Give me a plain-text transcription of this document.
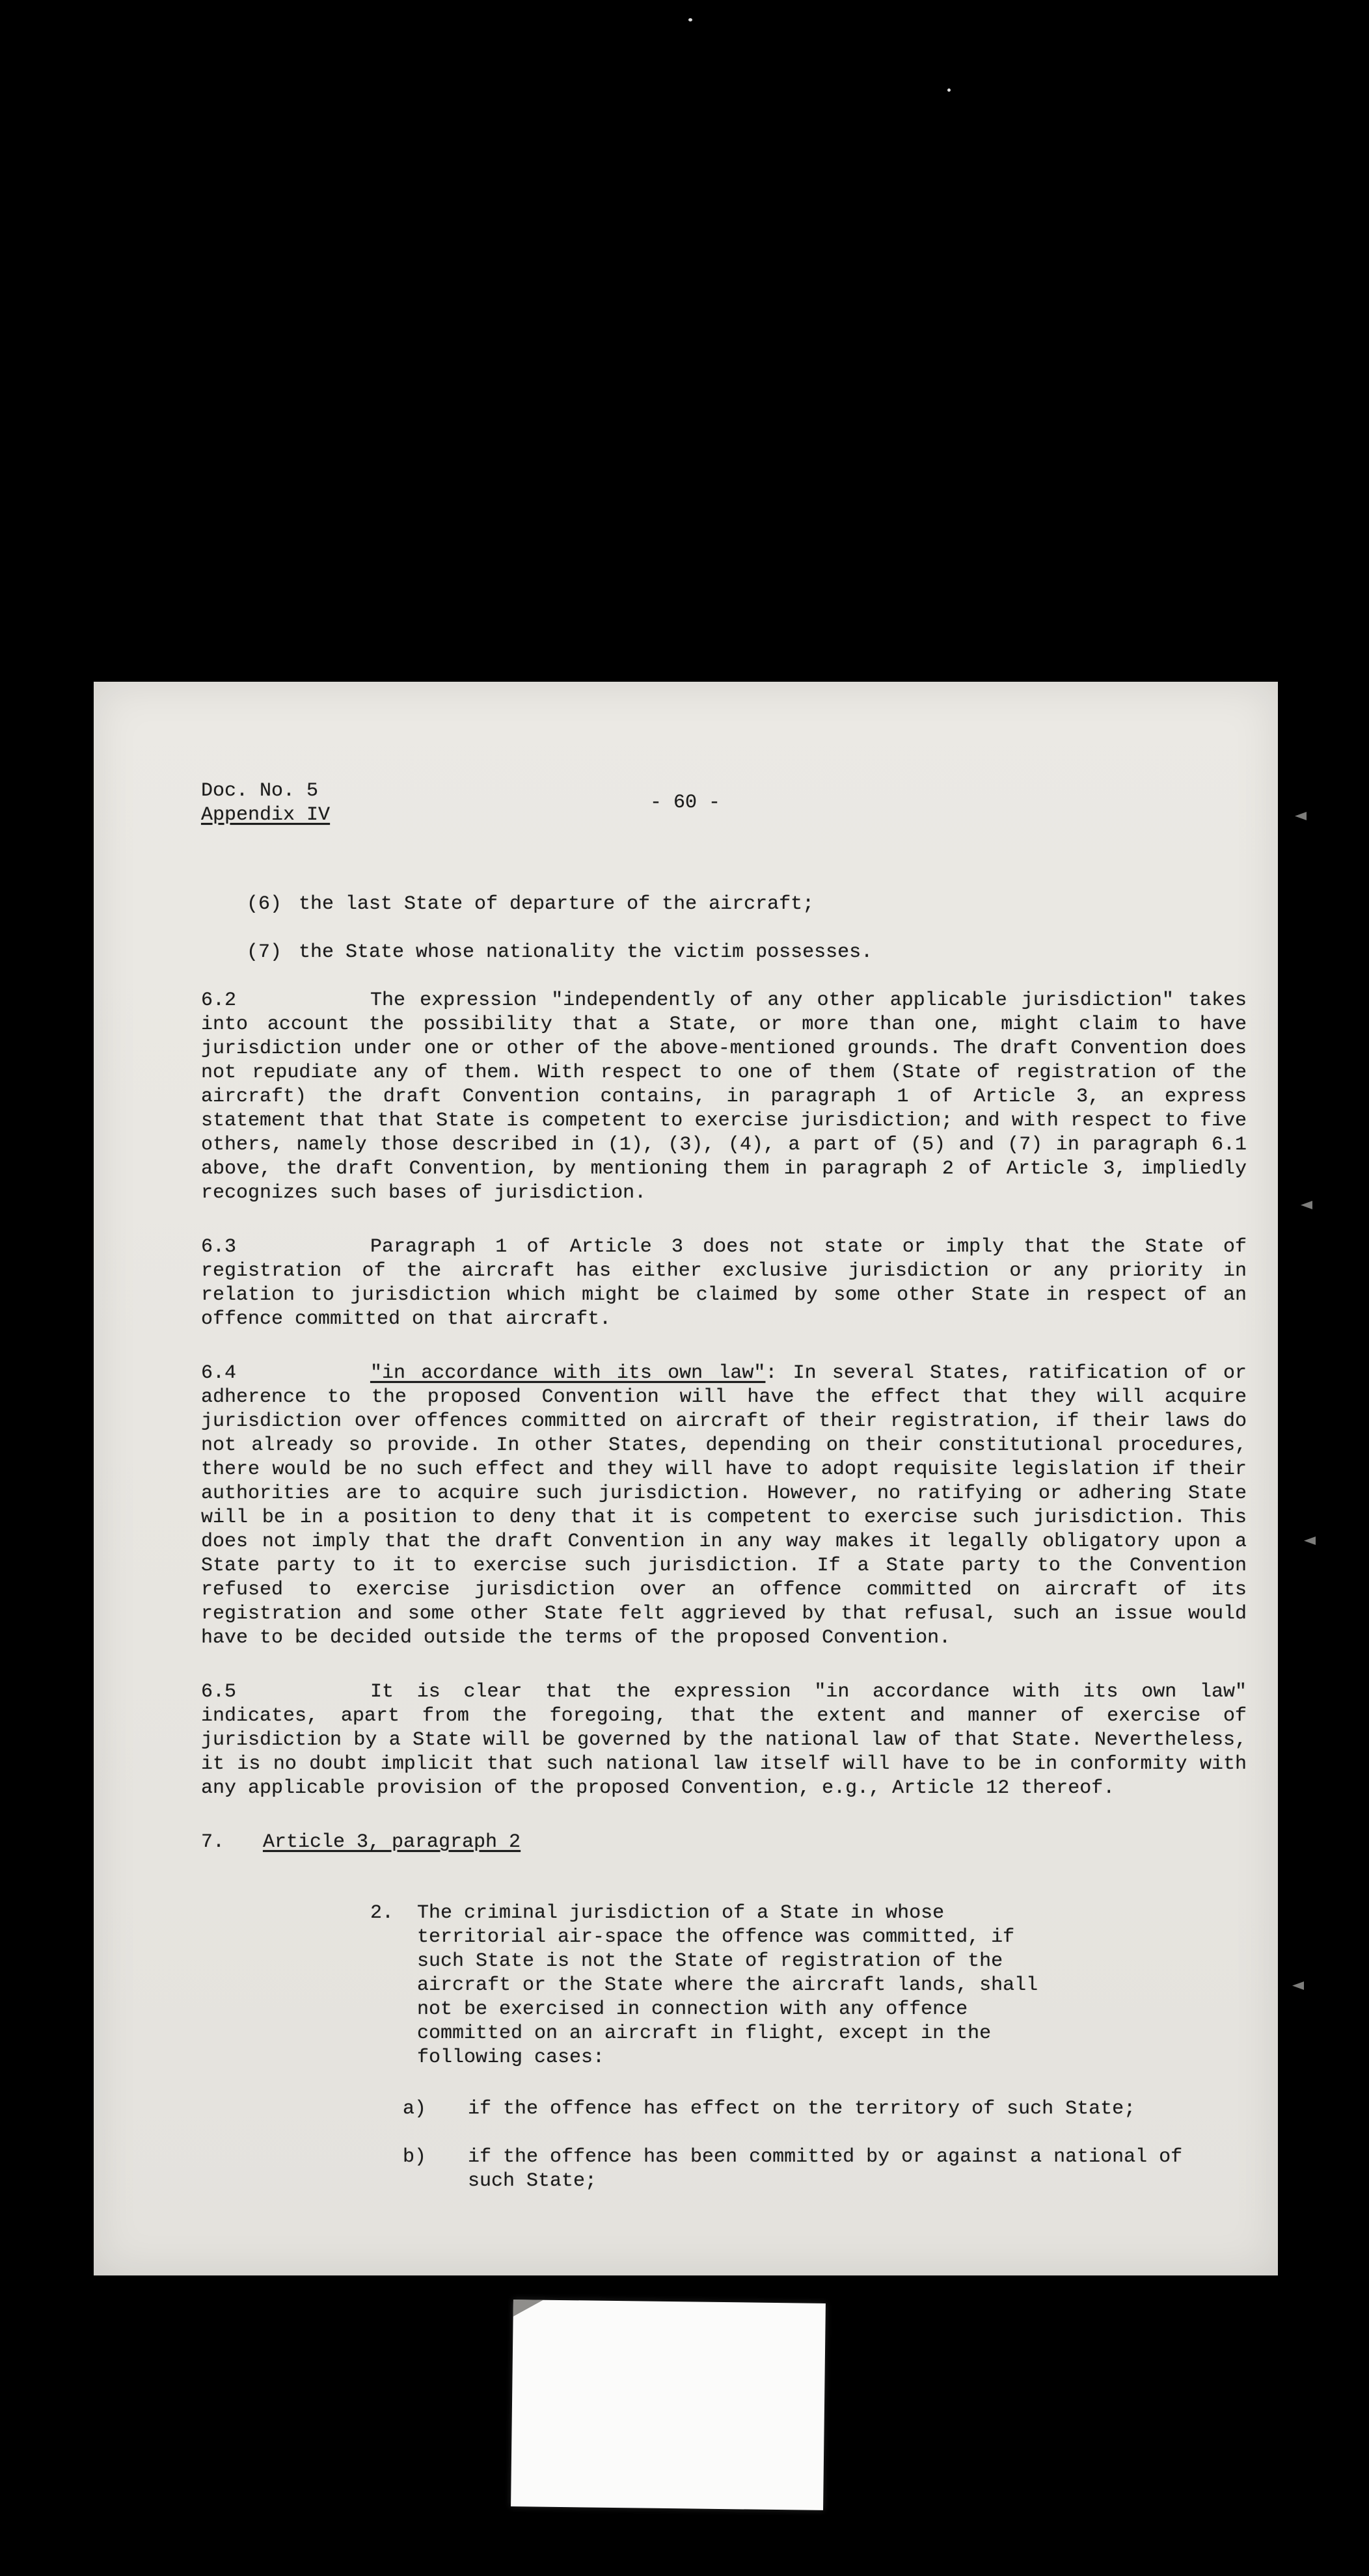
Doc. No. 5
Appendix IV
- 60 -

(6) the last State of departure of the aircraft;

(7) the State whose nationality the victim possesses.

6.2	The expression "independently of any other applicable jurisdiction" takes into account the possibility that a State, or more than one, might claim to have jurisdiction under one or other of the above-mentioned grounds. The draft Convention does not repudiate any of them. With respect to one of them (State of registration of the aircraft) the draft Convention contains, in paragraph 1 of Article 3, an express statement that that State is competent to exercise jurisdiction; and with respect to five others, namely those described in (1), (3), (4), a part of (5) and (7) in paragraph 6.1 above, the draft Convention, by mentioning them in paragraph 2 of Article 3, impliedly recognizes such bases of jurisdiction.

6.3	Paragraph 1 of Article 3 does not state or imply that the State of registration of the aircraft has either exclusive jurisdiction or any priority in relation to jurisdiction which might be claimed by some other State in respect of an offence committed on that aircraft.

6.4	"in accordance with its own law": In several States, ratification of or adherence to the proposed Convention will have the effect that they will acquire jurisdiction over offences committed on aircraft of their registration, if their laws do not already so provide. In other States, depending on their constitutional procedures, there would be no such effect and they will have to adopt requisite legislation if their authorities are to acquire such jurisdiction. However, no ratifying or adhering State will be in a position to deny that it is competent to exercise such jurisdiction. This does not imply that the draft Convention in any way makes it legally obligatory upon a State party to it to exercise such jurisdiction. If a State party to the Convention refused to exercise jurisdiction over an offence committed on aircraft of its registration and some other State felt aggrieved by that refusal, such an issue would have to be decided outside the terms of the proposed Convention.

6.5	It is clear that the expression "in accordance with its own law" indicates, apart from the foregoing, that the extent and manner of exercise of jurisdiction by a State will be governed by the national law of that State. Nevertheless, it is no doubt implicit that such national law itself will have to be in conformity with any applicable provision of the proposed Convention, e.g., Article 12 thereof.

7. Article 3, paragraph 2

2. The criminal jurisdiction of a State in whose territorial air-space the offence was committed, if such State is not the State of registration of the aircraft or the State where the aircraft lands, shall not be exercised in connection with any offence committed on an aircraft in flight, except in the following cases:

a) if the offence has effect on the territory of such State;

b) if the offence has been committed by or against a national of such State;
